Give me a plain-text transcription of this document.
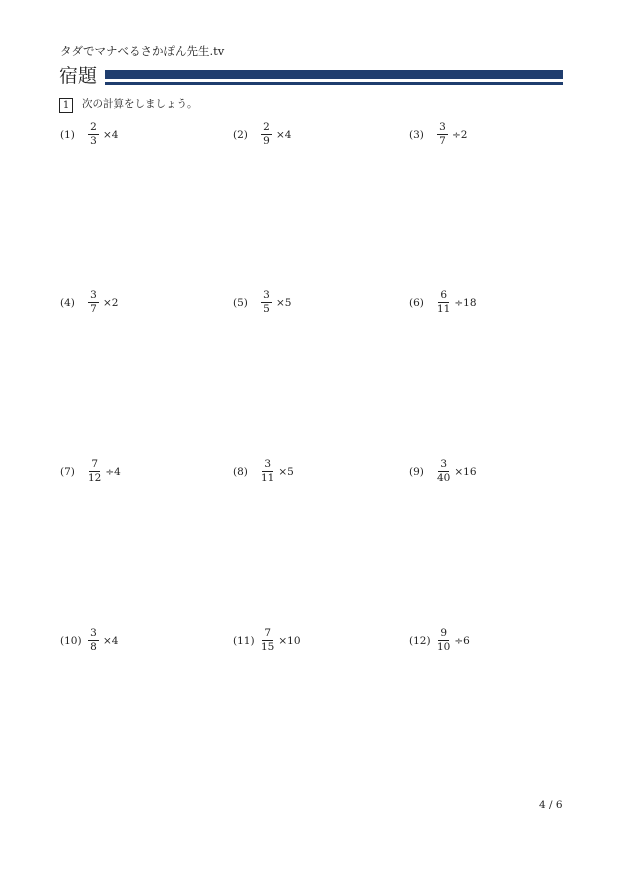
タダでマナべるさかぽん先生.tv
宿題
1	次の計算をしましょう。
(1)	$\frac{2}{3} \times 4$	(2)	$\frac{2}{9} \times 4$	(3)	$\frac{3}{7} \div 2$
(4)	$\frac{3}{7} \times 2$	(5)	$\frac{3}{5} \times 5$	(6)	$\frac{6}{11} \div 18$
(7)	$\frac{7}{12} \div 4$	(8)	$\frac{3}{11} \times 5$	(9)	$\frac{3}{40} \times 16$
$(10) \frac{3}{8} \times 4$	$(11) \frac{7}{15} \times 10$	$(12) \frac{9}{10} \div 6$
4 / 6
